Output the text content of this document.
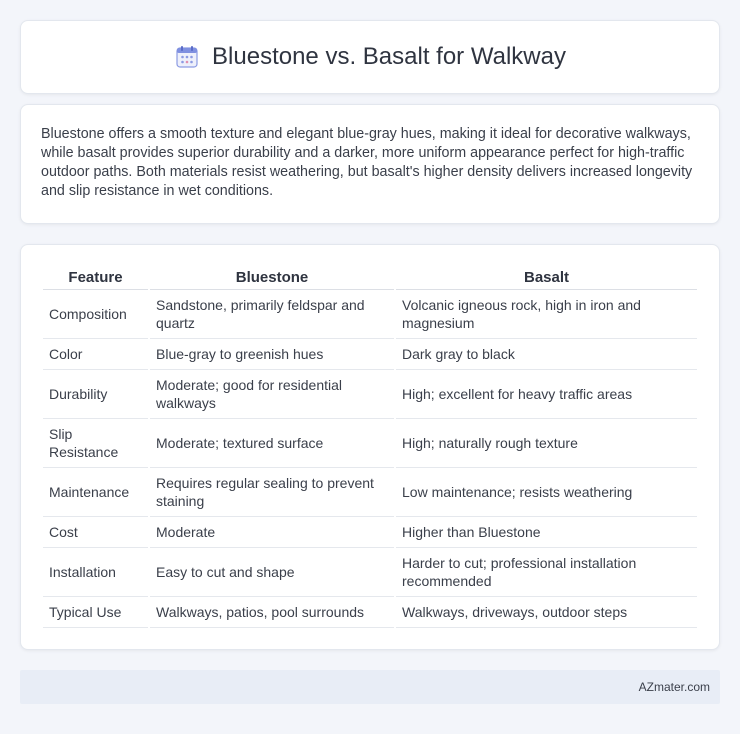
Bluestone vs. Basalt for Walkway

Bluestone offers a smooth texture and elegant blue-gray hues, making it ideal for decorative walkways, while basalt provides superior durability and a darker, more uniform appearance perfect for high-traffic outdoor paths. Both materials resist weathering, but basalt's higher density delivers increased longevity and slip resistance in wet conditions.

Feature	Bluestone	Basalt
Composition	Sandstone, primarily feldspar and quartz	Volcanic igneous rock, high in iron and magnesium
Color	Blue-gray to greenish hues	Dark gray to black
Durability	Moderate; good for residential walkways	High; excellent for heavy traffic areas
Slip Resistance	Moderate; textured surface	High; naturally rough texture
Maintenance	Requires regular sealing to prevent staining	Low maintenance; resists weathering
Cost	Moderate	Higher than Bluestone
Installation	Easy to cut and shape	Harder to cut; professional installation recommended
Typical Use	Walkways, patios, pool surrounds	Walkways, driveways, outdoor steps
AZmater.com
